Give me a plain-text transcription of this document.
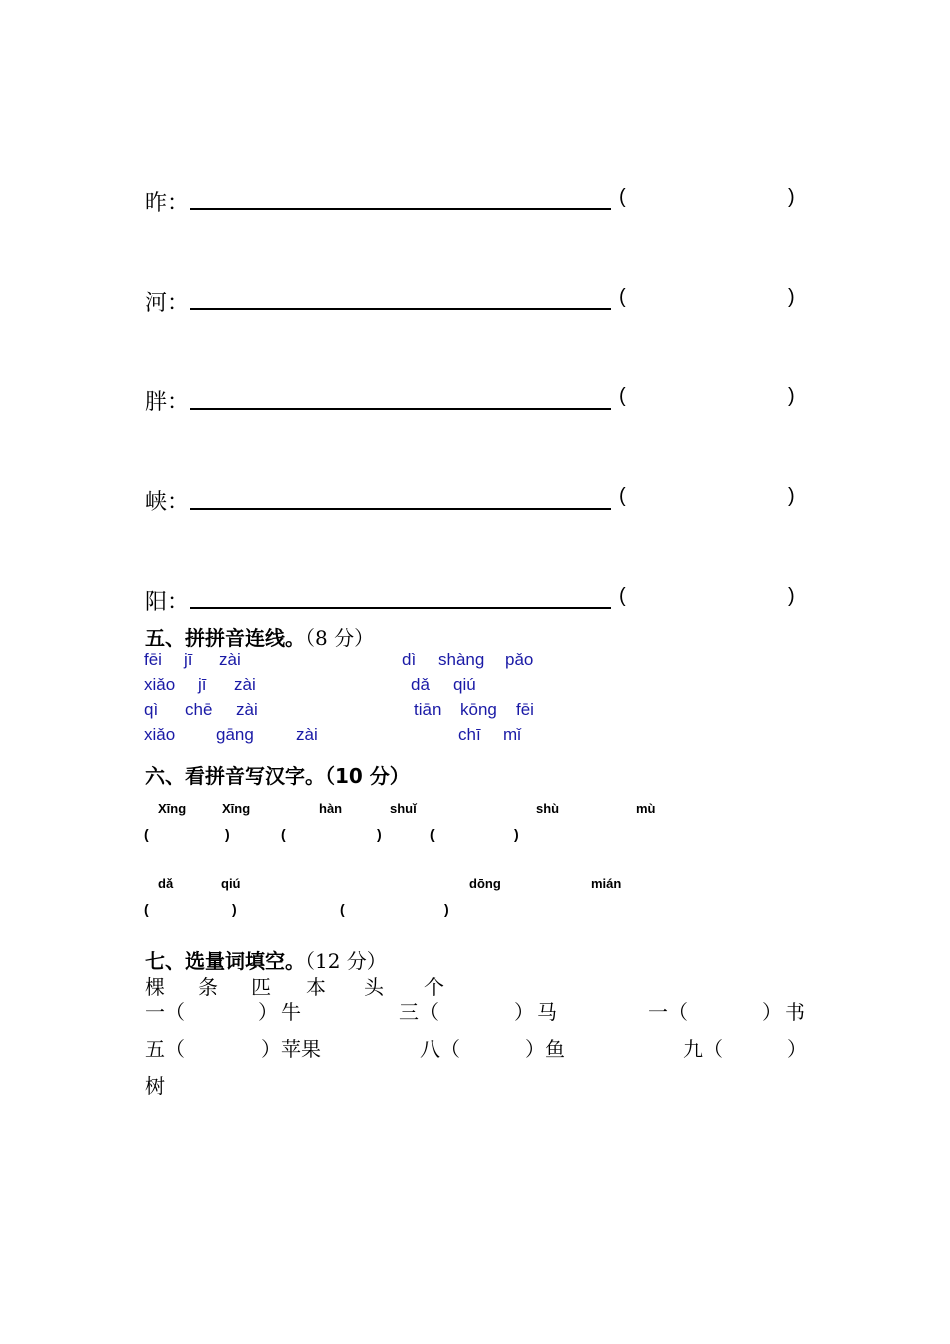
昨：	(	)
河：	(	)
胖：	(	)
峡：	(	)
阳：	(	)
五、拼拼音连线。（8 分）
fēi jī zài	dì shàng pǎo
xiǎo jī zài	dǎ qiú
qì chē zài	tiān kōng fēi
xiǎo gāng zài	chī mǐ
六、看拼音写汉字。（10 分）
Xīng	Xīng	hàn	shuǐ	shù	mù
(	)	(	)	(	)
dǎ	qiú	dōng	mián
(	)	(	)
七、选量词填空。（12 分）
棵 条 匹 本 头 个
一（	） 牛	三（	） 马	一（	） 书
五（	） 苹果	八（	） 鱼	九（	）
树
